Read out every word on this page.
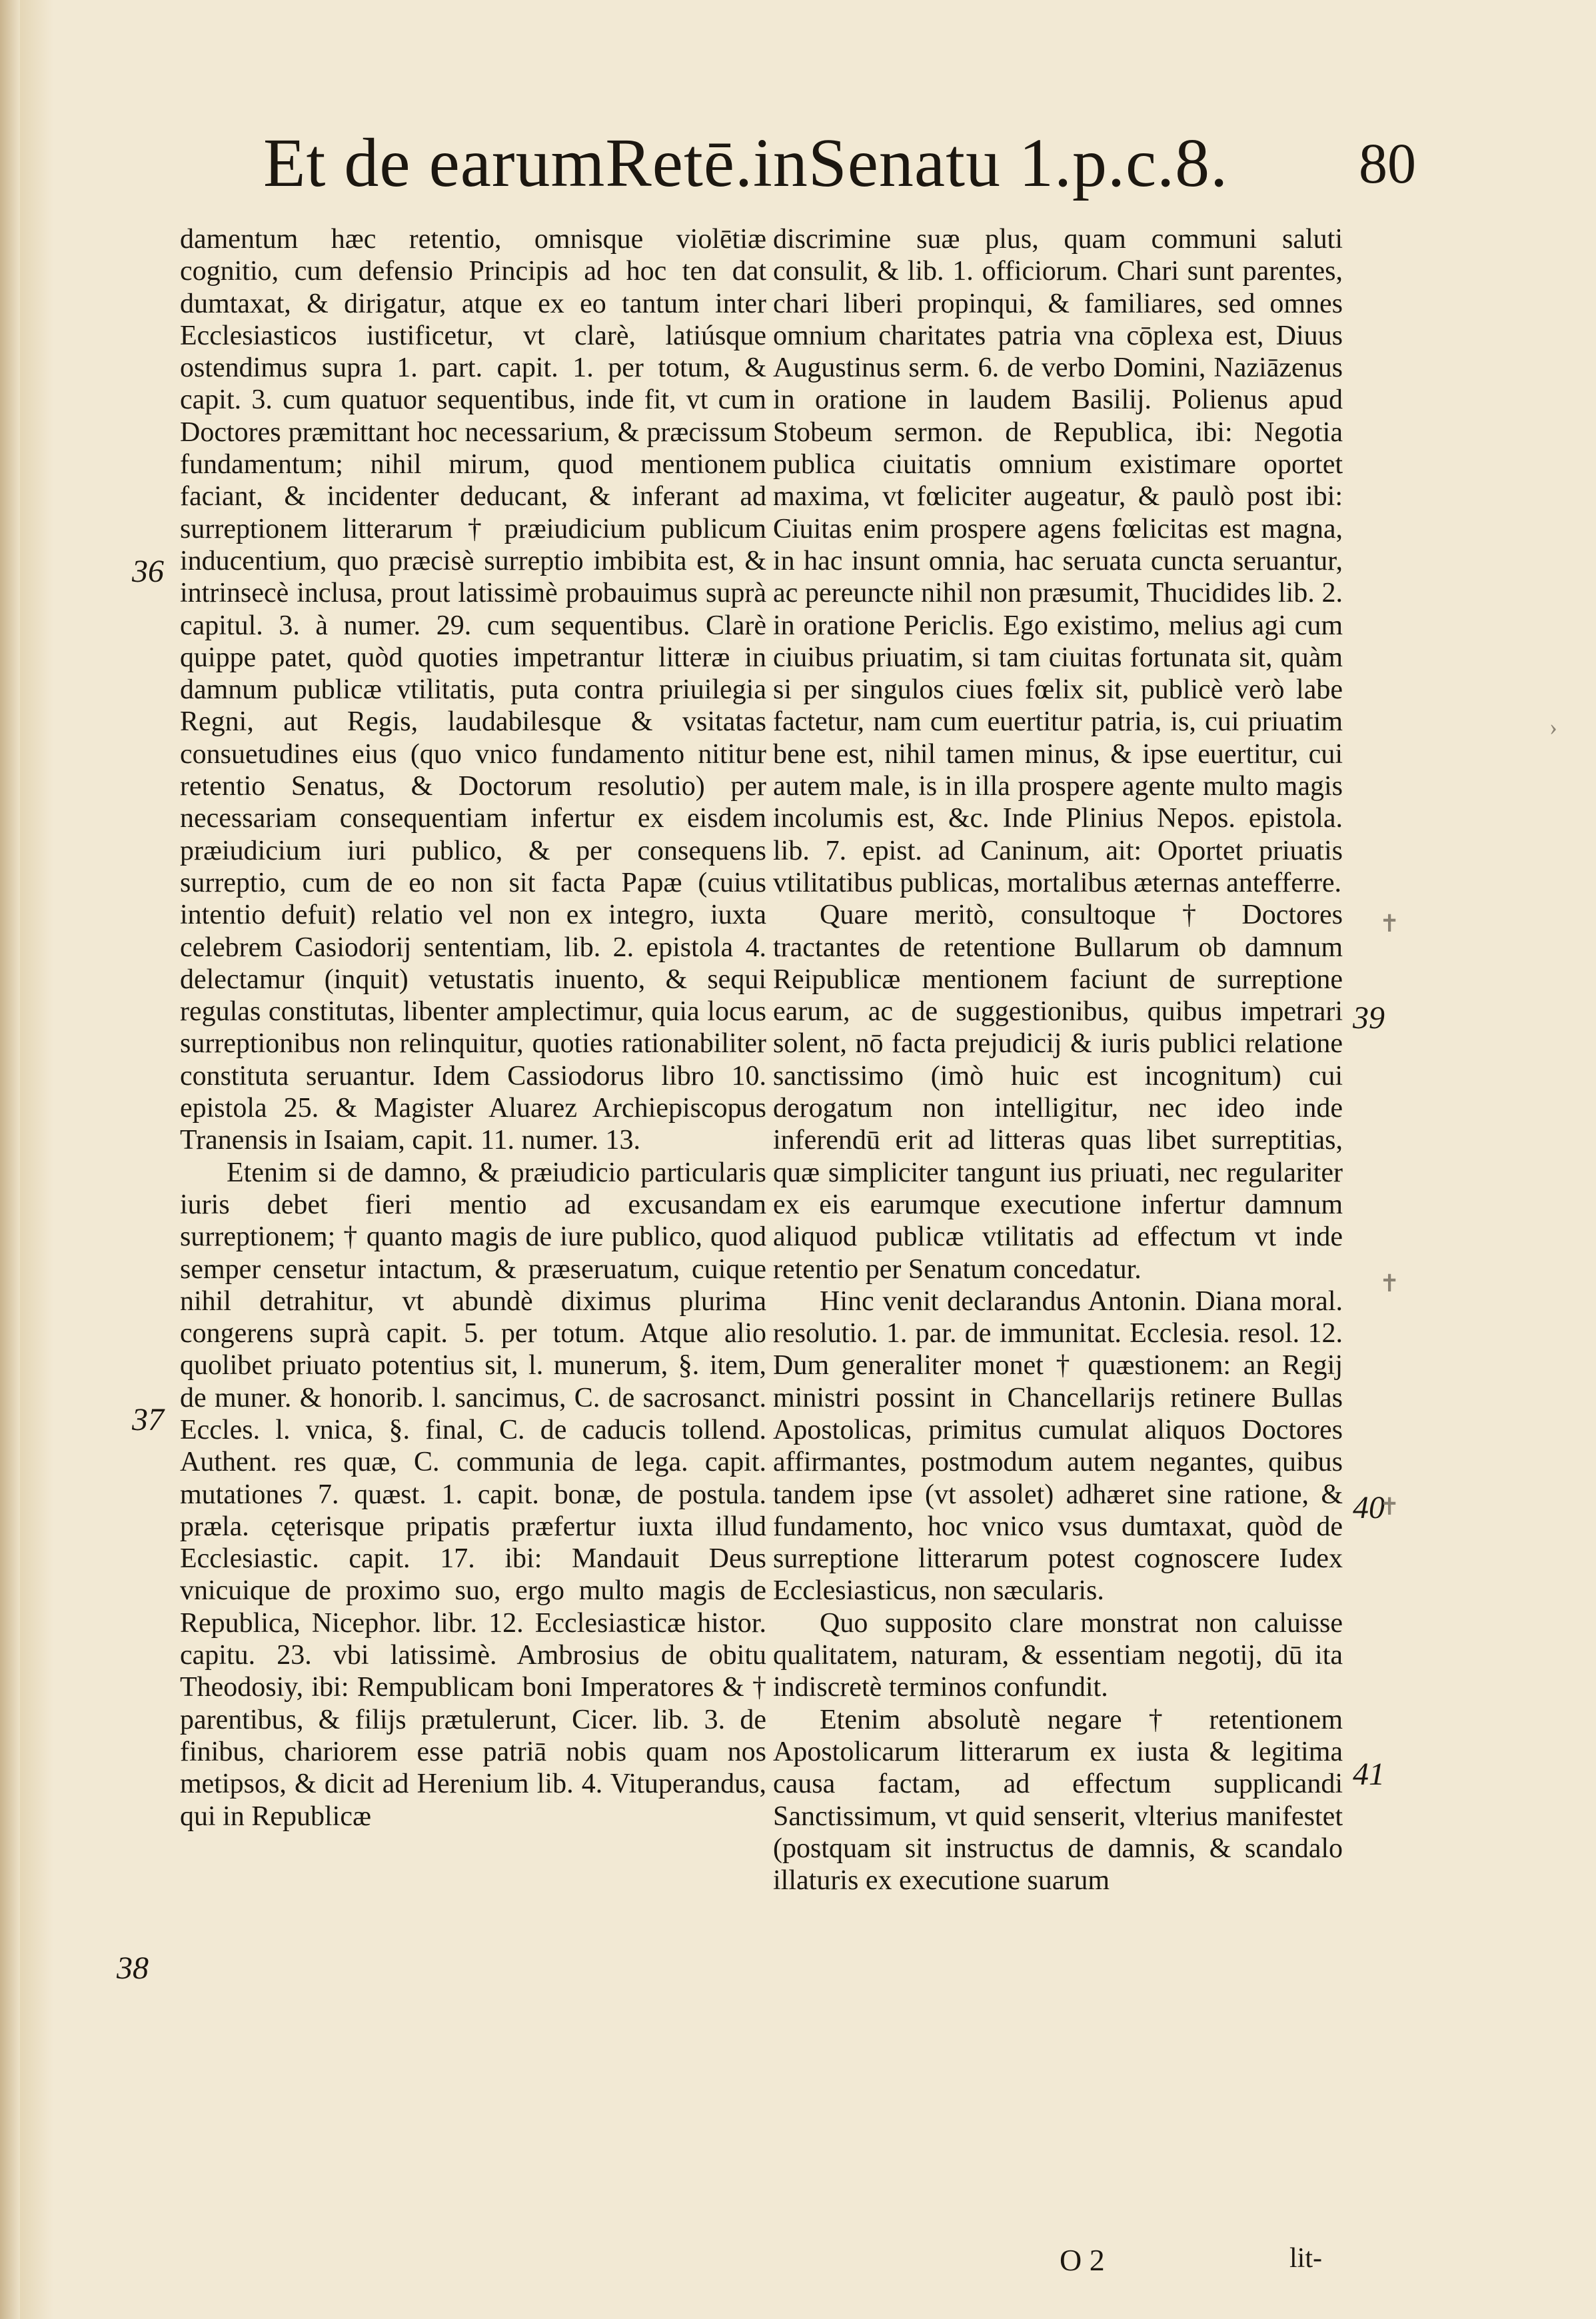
Et de earumRetē.inSenatu 1.p.c.8. 80

damentum hæc retentio, omnisque violētiæ cognitio, cum defensio Principis ad hoc ten dat dumtaxat, & dirigatur, atque ex eo tantum inter Ecclesiasticos iustificetur, vt clarè, latiúsque ostendimus supra 1. part. capit. 1. per totum, & capit. 3. cum quatuor sequentibus, inde fit, vt cum Doctores præmittant hoc necessarium, & præcissum fundamentum; nihil mirum, quod mentionem faciant, & incidenter deducant, & inferant ad surreptionem litterarum † præiudicium publicum inducentium, quo præcisè surreptio imbibita est, & intrinsecè inclusa, prout latissimè probauimus suprà capitul. 3. à numer. 29. cum sequentibus. Clarè quippe patet, quòd quoties impetrantur litteræ in damnum publicæ vtilitatis, puta contra priuilegia Regni, aut Regis, laudabilesque & vsitatas consuetudines eius (quo vnico fundamento nititur retentio Senatus, & Doctorum resolutio) per necessariam consequentiam infertur ex eisdem præiudicium iuri publico, & per consequens surreptio, cum de eo non sit facta Papæ (cuius intentio defuit) relatio vel non ex integro, iuxta celebrem Casiodorij sententiam, lib. 2. epistola 4. delectamur (inquit) vetustatis inuento, & sequi regulas constitutas, libenter amplectimur, quia locus surreptionibus non relinquitur, quoties rationabiliter constituta seruantur. Idem Cassiodorus libro 10. epistola 25. & Magister Aluarez Archiepiscopus Tranensis in Isaiam, capit. 11. numer. 13.

Etenim si de damno, & præiudicio particularis iuris debet fieri mentio ad excusandam surreptionem; † quanto magis de iure publico, quod semper censetur intactum, & præseruatum, cuique nihil detrahitur, vt abundè diximus plurima congerens suprà capit. 5. per totum. Atque alio quolibet priuato potentius sit, l. munerum, §. item, de muner. & honorib. l. sancimus, C. de sacrosanct. Eccles. l. vnica, §. final, C. de caducis tollend. Authent. res quæ, C. communia de lega. capit. mutationes 7. quæst. 1. capit. bonæ, de postula. præla. cęterisque pripatis præfertur iuxta illud Ecclesiastic. capit. 17. ibi: Mandauit Deus vnicuique de proximo suo, ergo multo magis de Republica, Nicephor. libr. 12. Ecclesiasticæ histor. capitu. 23. vbi latissimè. Ambrosius de obitu Theodosiy, ibi: Rempublicam boni Imperatores & † parentibus, & filijs prætulerunt, Cicer. lib. 3. de finibus, chariorem esse patriā nobis quam nos metipsos, & dicit ad Herenium lib. 4. Vituperandus, qui in Republicæ

discrimine suæ plus, quam communi saluti consulit, & lib. 1. officiorum. Chari sunt parentes, chari liberi propinqui, & familiares, sed omnes omnium charitates patria vna cōplexa est, Diuus Augustinus serm. 6. de verbo Domini, Naziāzenus in oratione in laudem Basilij. Polienus apud Stobeum sermon. de Republica, ibi: Negotia publica ciuitatis omnium existimare oportet maxima, vt fœliciter augeatur, & paulò post ibi: Ciuitas enim prospere agens fœlicitas est magna, in hac insunt omnia, hac seruata cuncta seruantur, ac pereuncte nihil non præsumit, Thucidides lib. 2. in oratione Periclis. Ego existimo, melius agi cum ciuibus priuatim, si tam ciuitas fortunata sit, quàm si per singulos ciues fœlix sit, publicè verò labe factetur, nam cum euertitur patria, is, cui priuatim bene est, nihil tamen minus, & ipse euertitur, cui autem male, is in illa prospere agente multo magis incolumis est, &c. Inde Plinius Nepos. epistola. lib. 7. epist. ad Caninum, ait: Oportet priuatis vtilitatibus publicas, mortalibus æternas antefferre.

Quare meritò, consultoque † Doctores tractantes de retentione Bullarum ob damnum Reipublicæ mentionem faciunt de surreptione earum, ac de suggestionibus, quibus impetrari solent, nō facta prejudicij & iuris publici relatione sanctissimo (imò huic est incognitum) cui derogatum non intelligitur, nec ideo inde inferendū erit ad litteras quas libet surreptitias, quæ simpliciter tangunt ius priuati, nec regulariter ex eis earumque executione infertur damnum aliquod publicæ vtilitatis ad effectum vt inde retentio per Senatum concedatur.

Hinc venit declarandus Antonin. Diana moral. resolutio. 1. par. de immunitat. Ecclesia. resol. 12. Dum generaliter monet † quæstionem: an Regij ministri possint in Chancellarijs retinere Bullas Apostolicas, primitus cumulat aliquos Doctores affirmantes, postmodum autem negantes, quibus tandem ipse (vt assolet) adhæret sine ratione, & fundamento, hoc vnico vsus dumtaxat, quòd de surreptione litterarum potest cognoscere Iudex Ecclesiasticus, non sæcularis.

Quo supposito clare monstrat non caluisse qualitatem, naturam, & essentiam negotij, dū ita indiscretè terminos confundit.

Etenim absolutè negare † retentionem Apostolicarum litterarum ex iusta & legitima causa factam, ad effectum supplicandi Sanctissimum, vt quid senserit, vlterius manifestet (postquam sit instructus de damnis, & scandalo illaturis ex executione suarum

36
37
38
39
40
41
›
✝
✝
✝
O 2	lit-
